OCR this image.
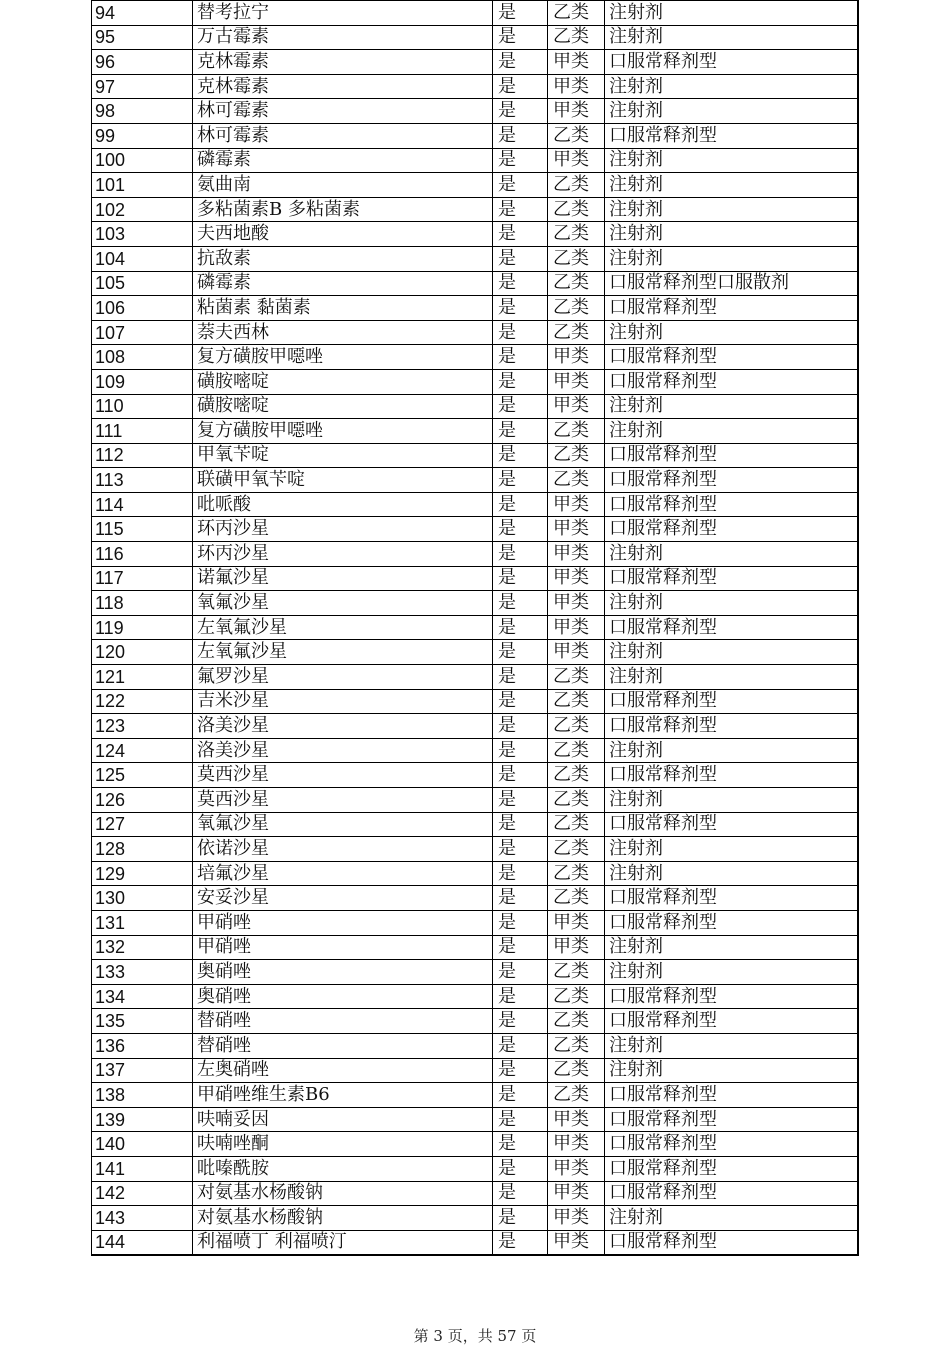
94	替考拉宁	是	乙类	注射剂
95	万古霉素	是	乙类	注射剂
96	克林霉素	是	甲类	口服常释剂型
97	克林霉素	是	甲类	注射剂
98	林可霉素	是	甲类	注射剂
99	林可霉素	是	乙类	口服常释剂型
100	磷霉素	是	甲类	注射剂
101	氨曲南	是	乙类	注射剂
102	多粘菌素B 多粘菌素	是	乙类	注射剂
103	夫西地酸	是	乙类	注射剂
104	抗敌素	是	乙类	注射剂
105	磷霉素	是	乙类	口服常释剂型口服散剂
106	粘菌素 黏菌素	是	乙类	口服常释剂型
107	萘夫西林	是	乙类	注射剂
108	复方磺胺甲噁唑	是	甲类	口服常释剂型
109	磺胺嘧啶	是	甲类	口服常释剂型
110	磺胺嘧啶	是	甲类	注射剂
111	复方磺胺甲噁唑	是	乙类	注射剂
112	甲氧苄啶	是	乙类	口服常释剂型
113	联磺甲氧苄啶	是	乙类	口服常释剂型
114	吡哌酸	是	甲类	口服常释剂型
115	环丙沙星	是	甲类	口服常释剂型
116	环丙沙星	是	甲类	注射剂
117	诺氟沙星	是	甲类	口服常释剂型
118	氧氟沙星	是	甲类	注射剂
119	左氧氟沙星	是	甲类	口服常释剂型
120	左氧氟沙星	是	甲类	注射剂
121	氟罗沙星	是	乙类	注射剂
122	吉米沙星	是	乙类	口服常释剂型
123	洛美沙星	是	乙类	口服常释剂型
124	洛美沙星	是	乙类	注射剂
125	莫西沙星	是	乙类	口服常释剂型
126	莫西沙星	是	乙类	注射剂
127	氧氟沙星	是	乙类	口服常释剂型
128	依诺沙星	是	乙类	注射剂
129	培氟沙星	是	乙类	注射剂
130	安妥沙星	是	乙类	口服常释剂型
131	甲硝唑	是	甲类	口服常释剂型
132	甲硝唑	是	甲类	注射剂
133	奥硝唑	是	乙类	注射剂
134	奥硝唑	是	乙类	口服常释剂型
135	替硝唑	是	乙类	口服常释剂型
136	替硝唑	是	乙类	注射剂
137	左奥硝唑	是	乙类	注射剂
138	甲硝唑维生素B6	是	乙类	口服常释剂型
139	呋喃妥因	是	甲类	口服常释剂型
140	呋喃唑酮	是	甲类	口服常释剂型
141	吡嗪酰胺	是	甲类	口服常释剂型
142	对氨基水杨酸钠	是	甲类	口服常释剂型
143	对氨基水杨酸钠	是	甲类	注射剂
144	利福喷丁 利福喷汀	是	甲类	口服常释剂型
第 3 页，共 57 页
